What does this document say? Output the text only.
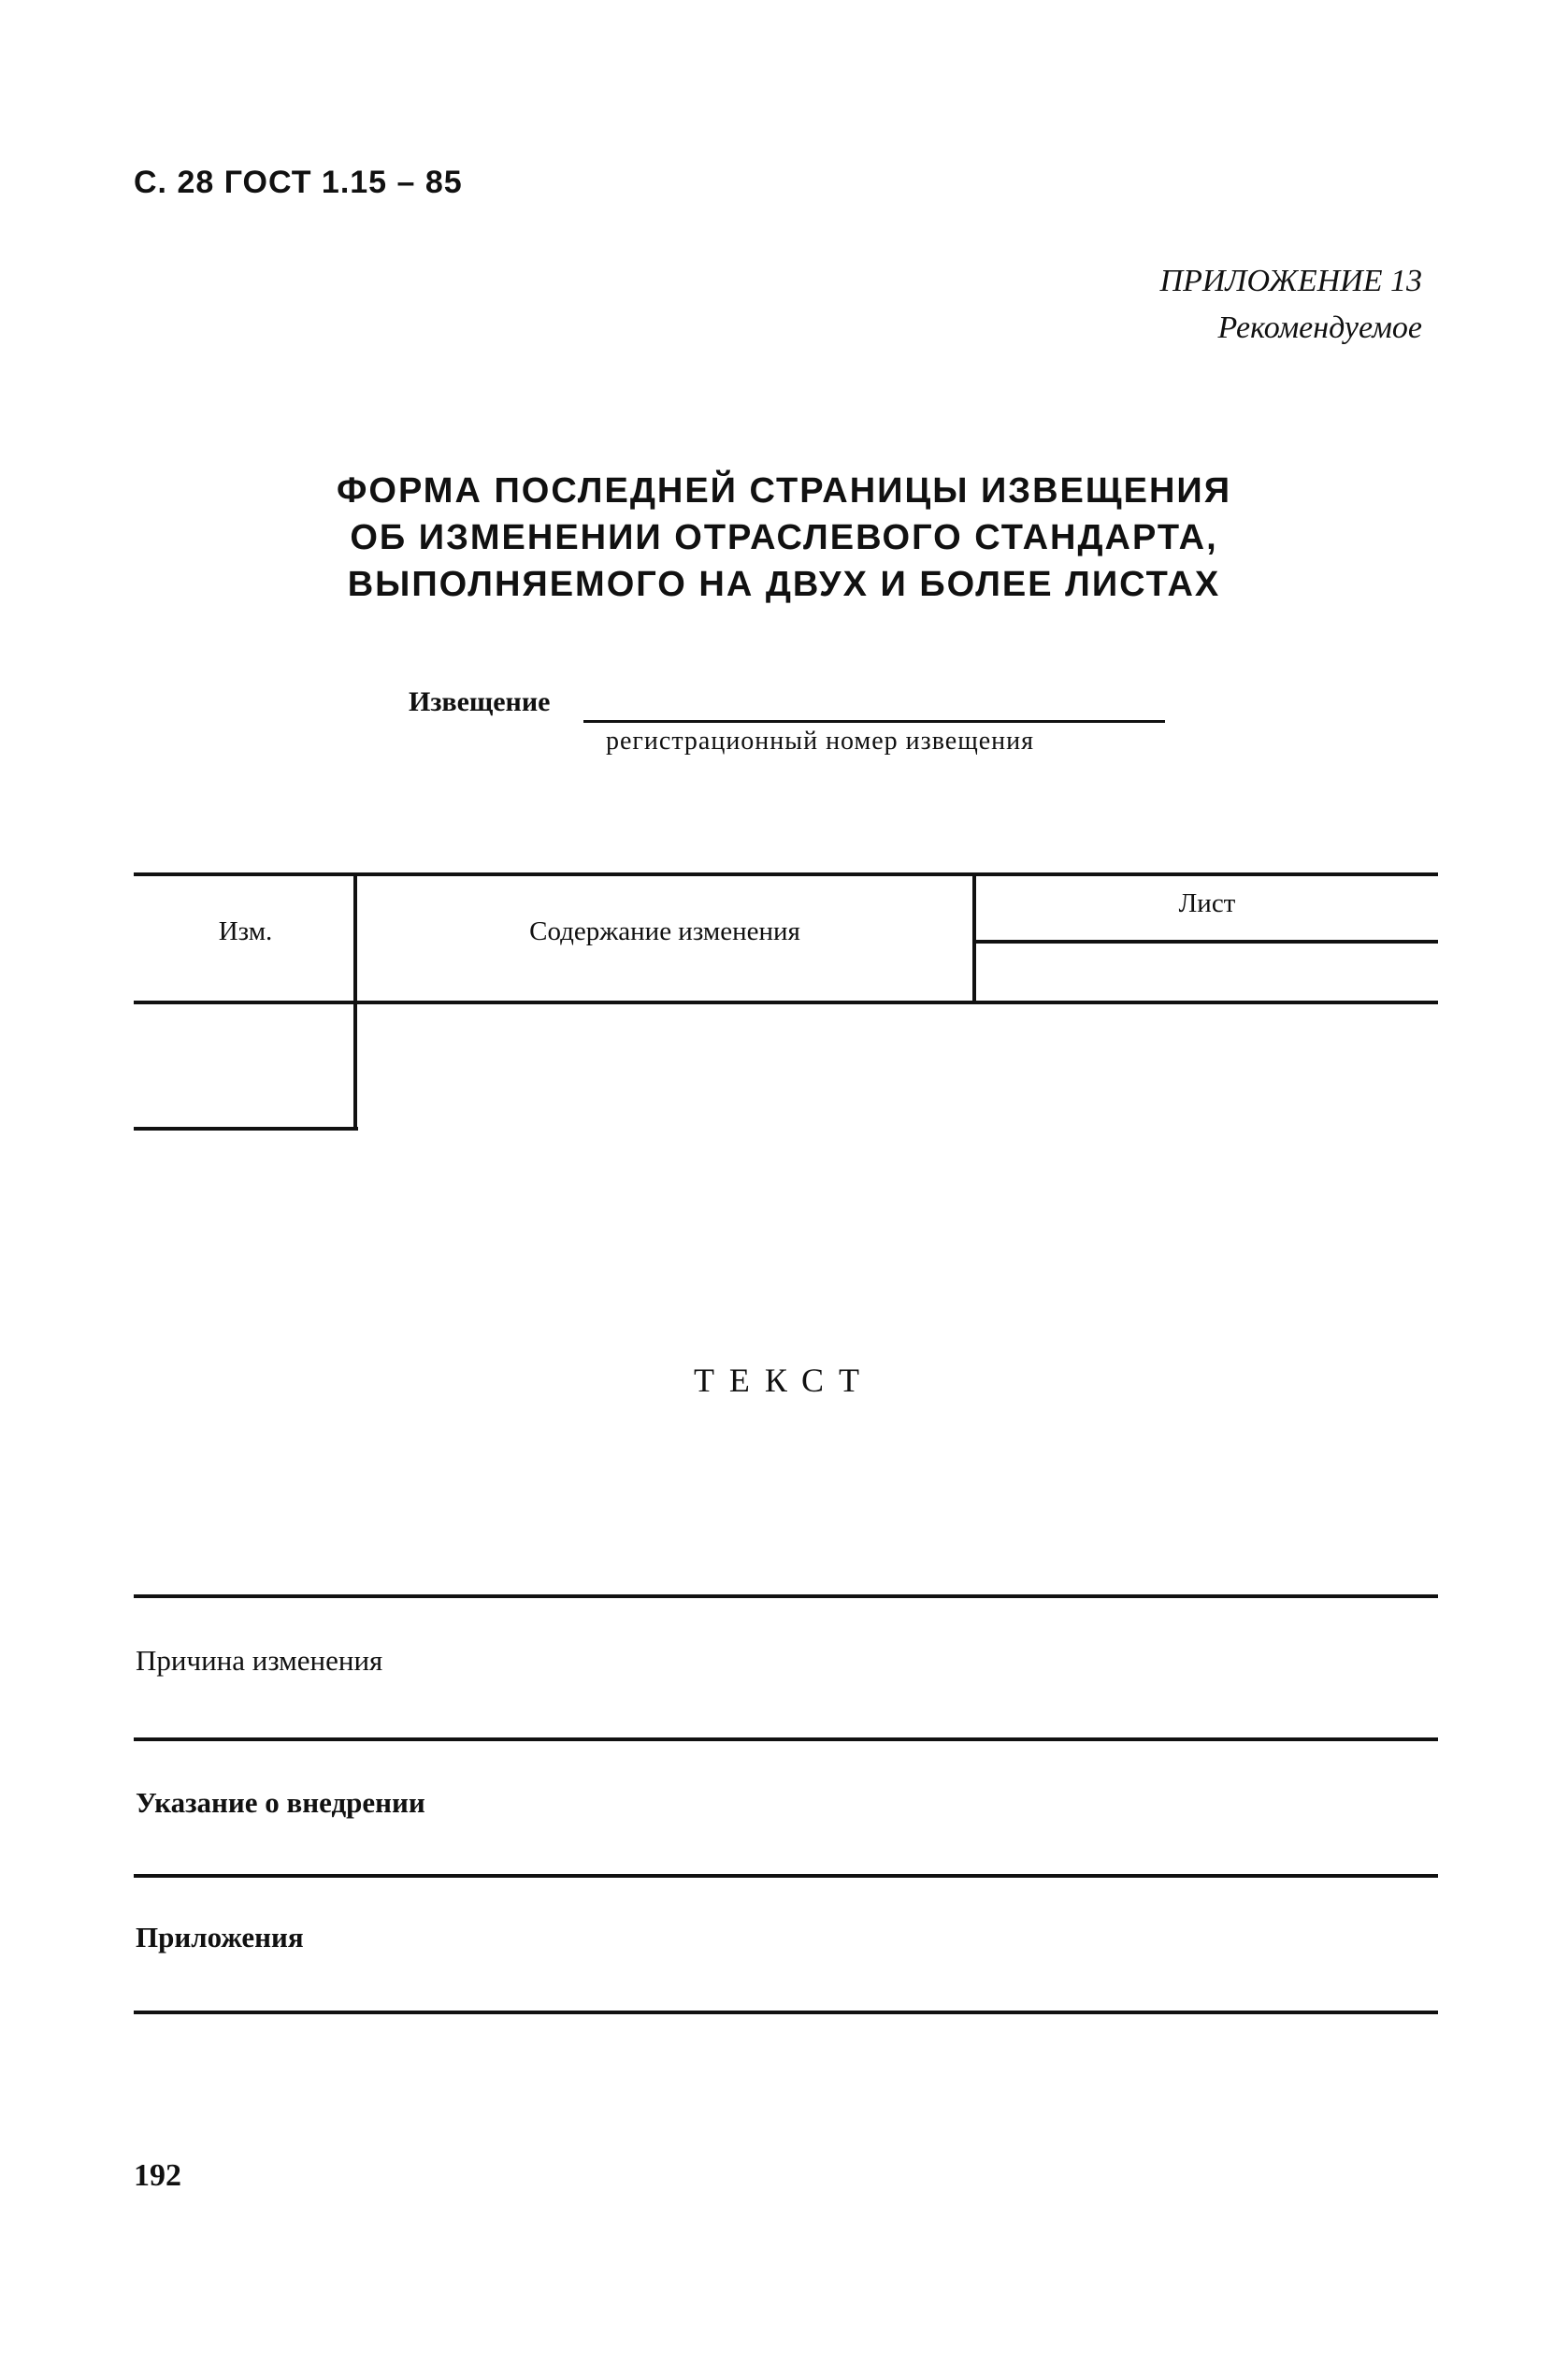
С. 28 ГОСТ 1.15 – 85
ПРИЛОЖЕНИЕ 13
Рекомендуемое
ФОРМА ПОСЛЕДНЕЙ СТРАНИЦЫ ИЗВЕЩЕНИЯ
ОБ ИЗМЕНЕНИИ ОТРАСЛЕВОГО СТАНДАРТА,
ВЫПОЛНЯЕМОГО НА ДВУХ И БОЛЕЕ ЛИСТАХ
Извещение
регистрационный номер извещения
Изм.	Содержание изменения
Лист
ТЕКСТ
Причина изменения
Указание о внедрении
Приложения
192
